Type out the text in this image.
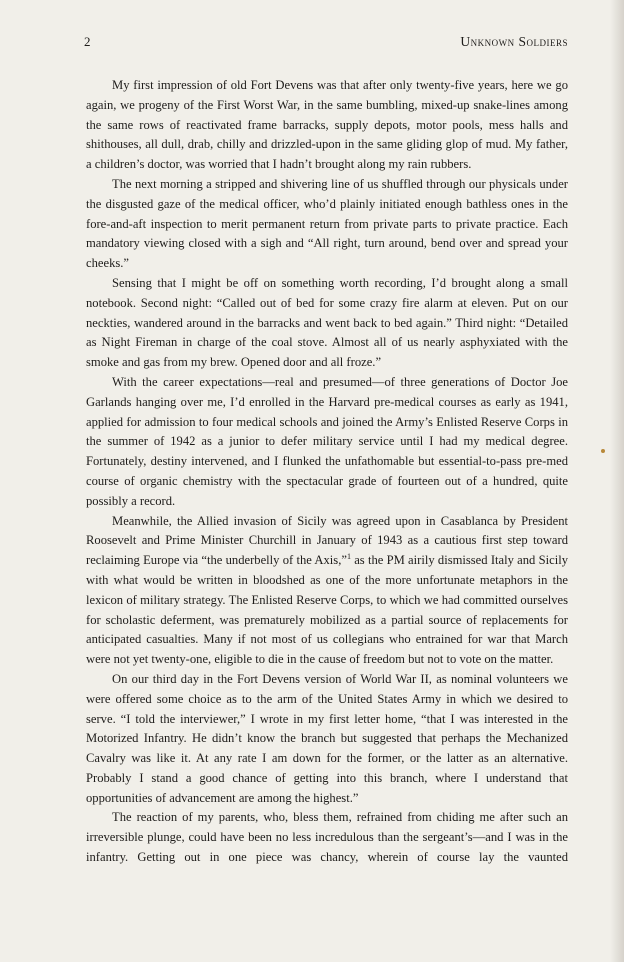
2	Unknown Soldiers

My first impression of old Fort Devens was that after only twenty-five years, here we go again, we progeny of the First Worst War, in the same bumbling, mixed-up snake-lines among the same rows of reactivated frame barracks, supply depots, motor pools, mess halls and shithouses, all dull, drab, chilly and drizzled-upon in the same gliding glop of mud. My father, a children’s doctor, was worried that I hadn’t brought along my rain rubbers.

The next morning a stripped and shivering line of us shuffled through our physicals under the disgusted gaze of the medical officer, who’d plainly initiated enough bathless ones in the fore-and-aft inspection to merit permanent return from private parts to private practice. Each mandatory viewing closed with a sigh and “All right, turn around, bend over and spread your cheeks.”

Sensing that I might be off on something worth recording, I’d brought along a small notebook. Second night: “Called out of bed for some crazy fire alarm at eleven. Put on our neckties, wandered around in the barracks and went back to bed again.” Third night: “Detailed as Night Fireman in charge of the coal stove. Almost all of us nearly asphyxiated with the smoke and gas from my brew. Opened door and all froze.”

With the career expectations—real and presumed—of three generations of Doctor Joe Garlands hanging over me, I’d enrolled in the Harvard pre-medical courses as early as 1941, applied for admission to four medical schools and joined the Army’s Enlisted Reserve Corps in the summer of 1942 as a junior to defer military service until I had my medical degree. Fortunately, destiny intervened, and I flunked the unfathomable but essential-to-pass pre-med course of organic chemistry with the spectacular grade of fourteen out of a hundred, quite possibly a record.

Meanwhile, the Allied invasion of Sicily was agreed upon in Casablanca by President Roosevelt and Prime Minister Churchill in January of 1943 as a cautious first step toward reclaiming Europe via “the underbelly of the Axis,”$^1$ as the PM airily dismissed Italy and Sicily with what would be written in bloodshed as one of the more unfortunate metaphors in the lexicon of military strategy. The Enlisted Reserve Corps, to which we had committed ourselves for scholastic deferment, was prematurely mobilized as a partial source of replacements for anticipated casualties. Many if not most of us collegians who entrained for war that March were not yet twenty-one, eligible to die in the cause of freedom but not to vote on the matter.

On our third day in the Fort Devens version of World War II, as nominal volunteers we were offered some choice as to the arm of the United States Army in which we desired to serve. “I told the interviewer,” I wrote in my first letter home, “that I was interested in the Motorized Infantry. He didn’t know the branch but suggested that perhaps the Mechanized Cavalry was like it. At any rate I am down for the former, or the latter as an alternative. Probably I stand a good chance of getting into this branch, where I understand that opportunities of advancement are among the highest.”

The reaction of my parents, who, bless them, refrained from chiding me after such an irreversible plunge, could have been no less incredulous than the sergeant’s—and I was in the infantry. Getting out in one piece was chancy, wherein of course lay the vaunted
